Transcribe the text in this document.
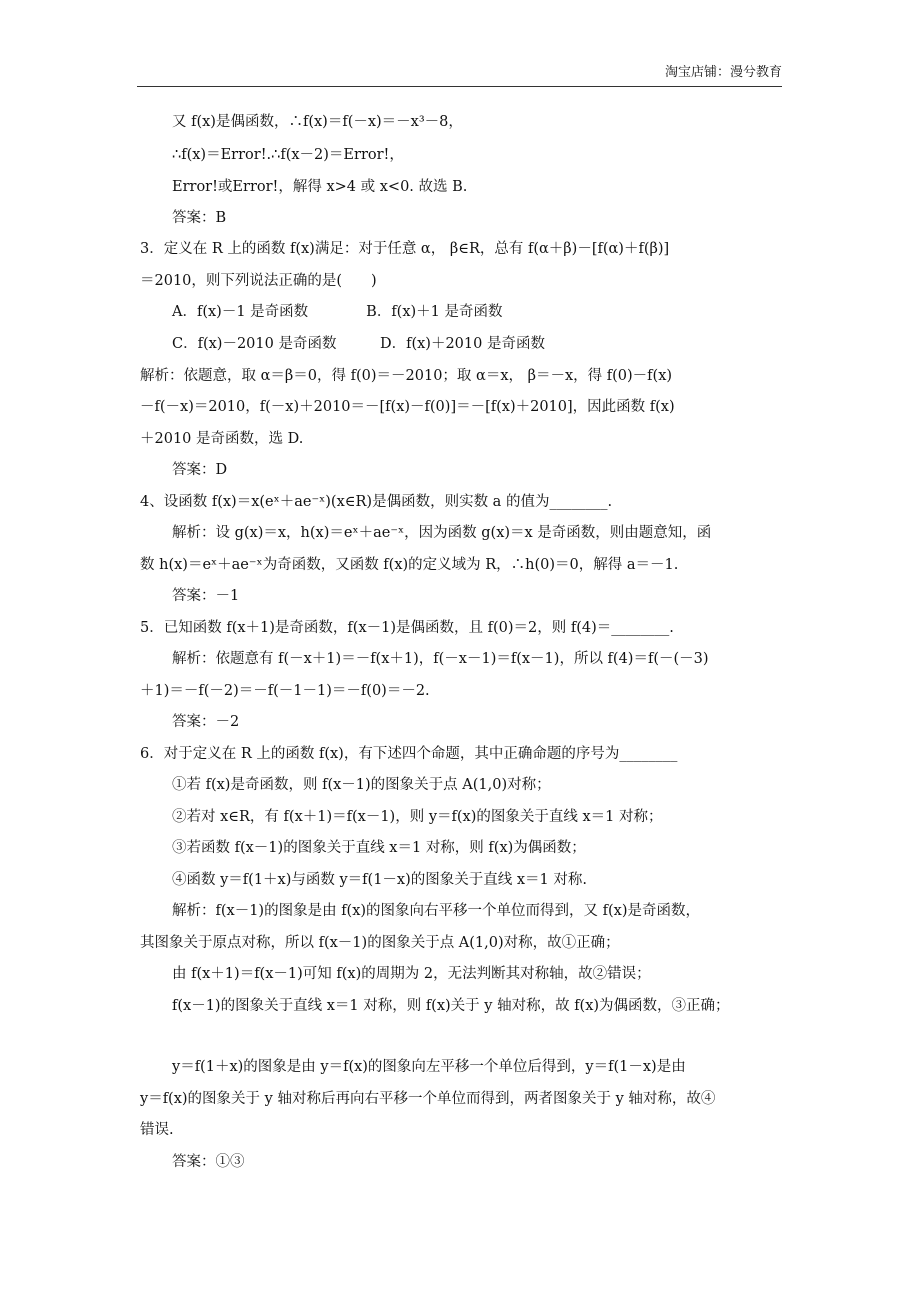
淘宝店铺：漫兮教育
又 f(x)是偶函数，∴f(x)＝f(－x)＝－x³－8，
∴f(x)＝Error!.∴f(x－2)＝Error!，
Error!或Error!，解得 x>4 或 x<0. 故选 B.
答案：B
3．定义在 R 上的函数 f(x)满足：对于任意 α， β∈R，总有 f(α＋β)－[f(α)＋f(β)]
＝2010，则下列说法正确的是(　　)
A．f(x)－1 是奇函数　　　　B．f(x)＋1 是奇函数
C．f(x)－2010 是奇函数　　　D．f(x)＋2010 是奇函数
解析：依题意，取 α＝β＝0，得 f(0)＝－2010；取 α＝x， β＝－x，得 f(0)－f(x)
－f(－x)＝2010，f(－x)＋2010＝－[f(x)－f(0)]＝－[f(x)＋2010]，因此函数 f(x)
＋2010 是奇函数，选 D.
答案：D
4、设函数 f(x)＝x(eˣ＋ae⁻ˣ)(x∈R)是偶函数，则实数 a 的值为________.
解析：设 g(x)＝x，h(x)＝eˣ＋ae⁻ˣ，因为函数 g(x)＝x 是奇函数，则由题意知，函
数 h(x)＝eˣ＋ae⁻ˣ为奇函数，又函数 f(x)的定义域为 R，∴h(0)＝0，解得 a＝－1.
答案：－1
5．已知函数 f(x＋1)是奇函数，f(x－1)是偶函数，且 f(0)＝2，则 f(4)＝________.
解析：依题意有 f(－x＋1)＝－f(x＋1)，f(－x－1)＝f(x－1)，所以 f(4)＝f(－(－3)
＋1)＝－f(－2)＝－f(－1－1)＝－f(0)＝－2.
答案：－2
6．对于定义在 R 上的函数 f(x)，有下述四个命题，其中正确命题的序号为________
①若 f(x)是奇函数，则 f(x－1)的图象关于点 A(1,0)对称；
②若对 x∈R，有 f(x＋1)＝f(x－1)，则 y＝f(x)的图象关于直线 x＝1 对称；
③若函数 f(x－1)的图象关于直线 x＝1 对称，则 f(x)为偶函数；
④函数 y＝f(1＋x)与函数 y＝f(1－x)的图象关于直线 x＝1 对称.
解析：f(x－1)的图象是由 f(x)的图象向右平移一个单位而得到，又 f(x)是奇函数，
其图象关于原点对称，所以 f(x－1)的图象关于点 A(1,0)对称，故①正确；
由 f(x＋1)＝f(x－1)可知 f(x)的周期为 2，无法判断其对称轴，故②错误；
f(x－1)的图象关于直线 x＝1 对称，则 f(x)关于 y 轴对称，故 f(x)为偶函数，③正确；
y＝f(1＋x)的图象是由 y＝f(x)的图象向左平移一个单位后得到，y＝f(1－x)是由
y＝f(x)的图象关于 y 轴对称后再向右平移一个单位而得到，两者图象关于 y 轴对称，故④
错误.
答案：①③
